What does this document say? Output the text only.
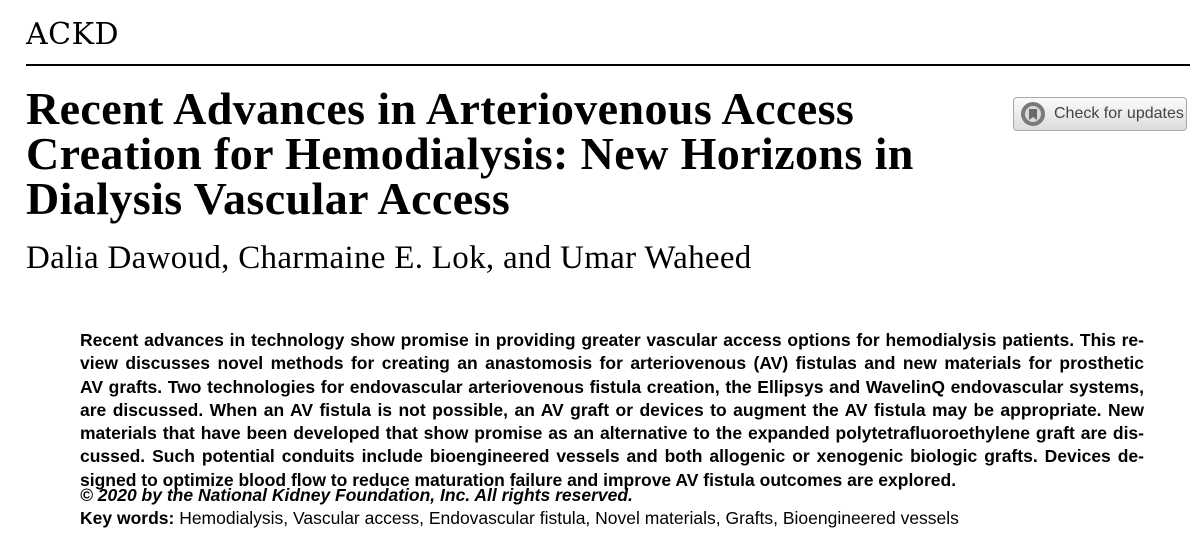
ACKD
Recent Advances in Arteriovenous Access
Creation for Hemodialysis: New Horizons in
Dialysis Vascular Access
Dalia Dawoud, Charmaine E. Lok, and Umar Waheed
Check for updates
Recent advances in technology show promise in providing greater vascular access options for hemodialysis patients. This re-
view discusses novel methods for creating an anastomosis for arteriovenous (AV) fistulas and new materials for prosthetic
AV grafts. Two technologies for endovascular arteriovenous fistula creation, the Ellipsys and WavelinQ endovascular systems,
are discussed. When an AV fistula is not possible, an AV graft or devices to augment the AV fistula may be appropriate. New
materials that have been developed that show promise as an alternative to the expanded polytetrafluoroethylene graft are dis-
cussed. Such potential conduits include bioengineered vessels and both allogenic or xenogenic biologic grafts. Devices de-
signed to optimize blood flow to reduce maturation failure and improve AV fistula outcomes are explored.
© 2020 by the National Kidney Foundation, Inc. All rights reserved.
Key words: Hemodialysis, Vascular access, Endovascular fistula, Novel materials, Grafts, Bioengineered vessels
